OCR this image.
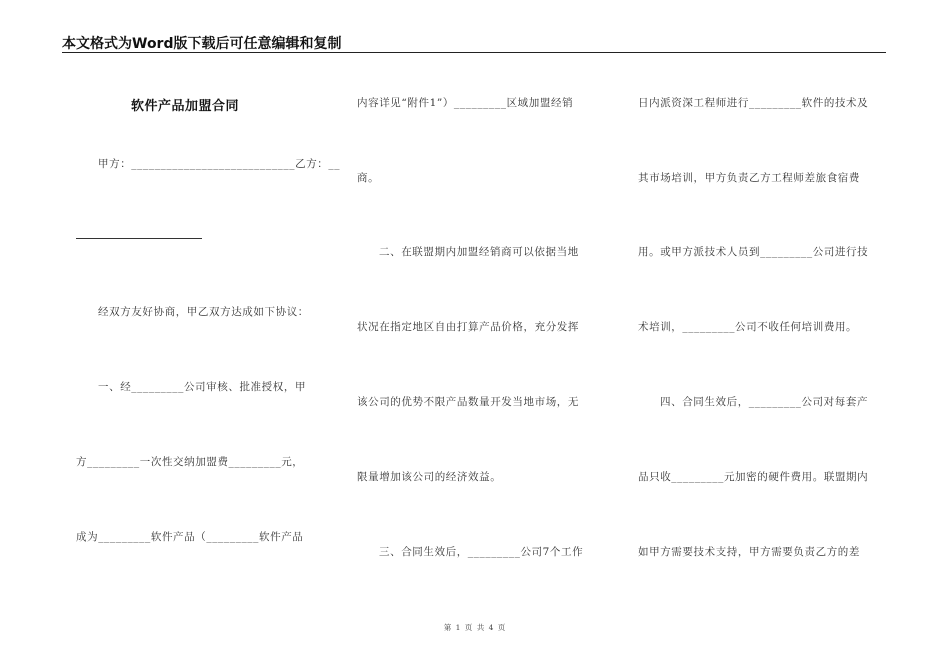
本文格式为Word版下载后可任意编辑和复制
软件产品加盟合同
甲方：____________________________乙方：__
经双方友好协商，甲乙双方达成如下协议：
一、经_________公司审核、批准授权，甲
方_________一次性交纳加盟费_________元，
成为_________软件产品（_________软件产品
内容详见“附件1”）_________区域加盟经销
商。
二、在联盟期内加盟经销商可以依据当地
状况在指定地区自由打算产品价格，充分发挥
该公司的优势不限产品数量开发当地市场，无
限量增加该公司的经济效益。
三、合同生效后，_________公司7个工作
日内派资深工程师进行_________软件的技术及
其市场培训，甲方负责乙方工程师差旅食宿费
用。或甲方派技术人员到_________公司进行技
术培训，_________公司不收任何培训费用。
四、合同生效后，_________公司对每套产
品只收_________元加密的硬件费用。联盟期内
如甲方需要技术支持，甲方需要负责乙方的差
第 1 页 共 4 页
